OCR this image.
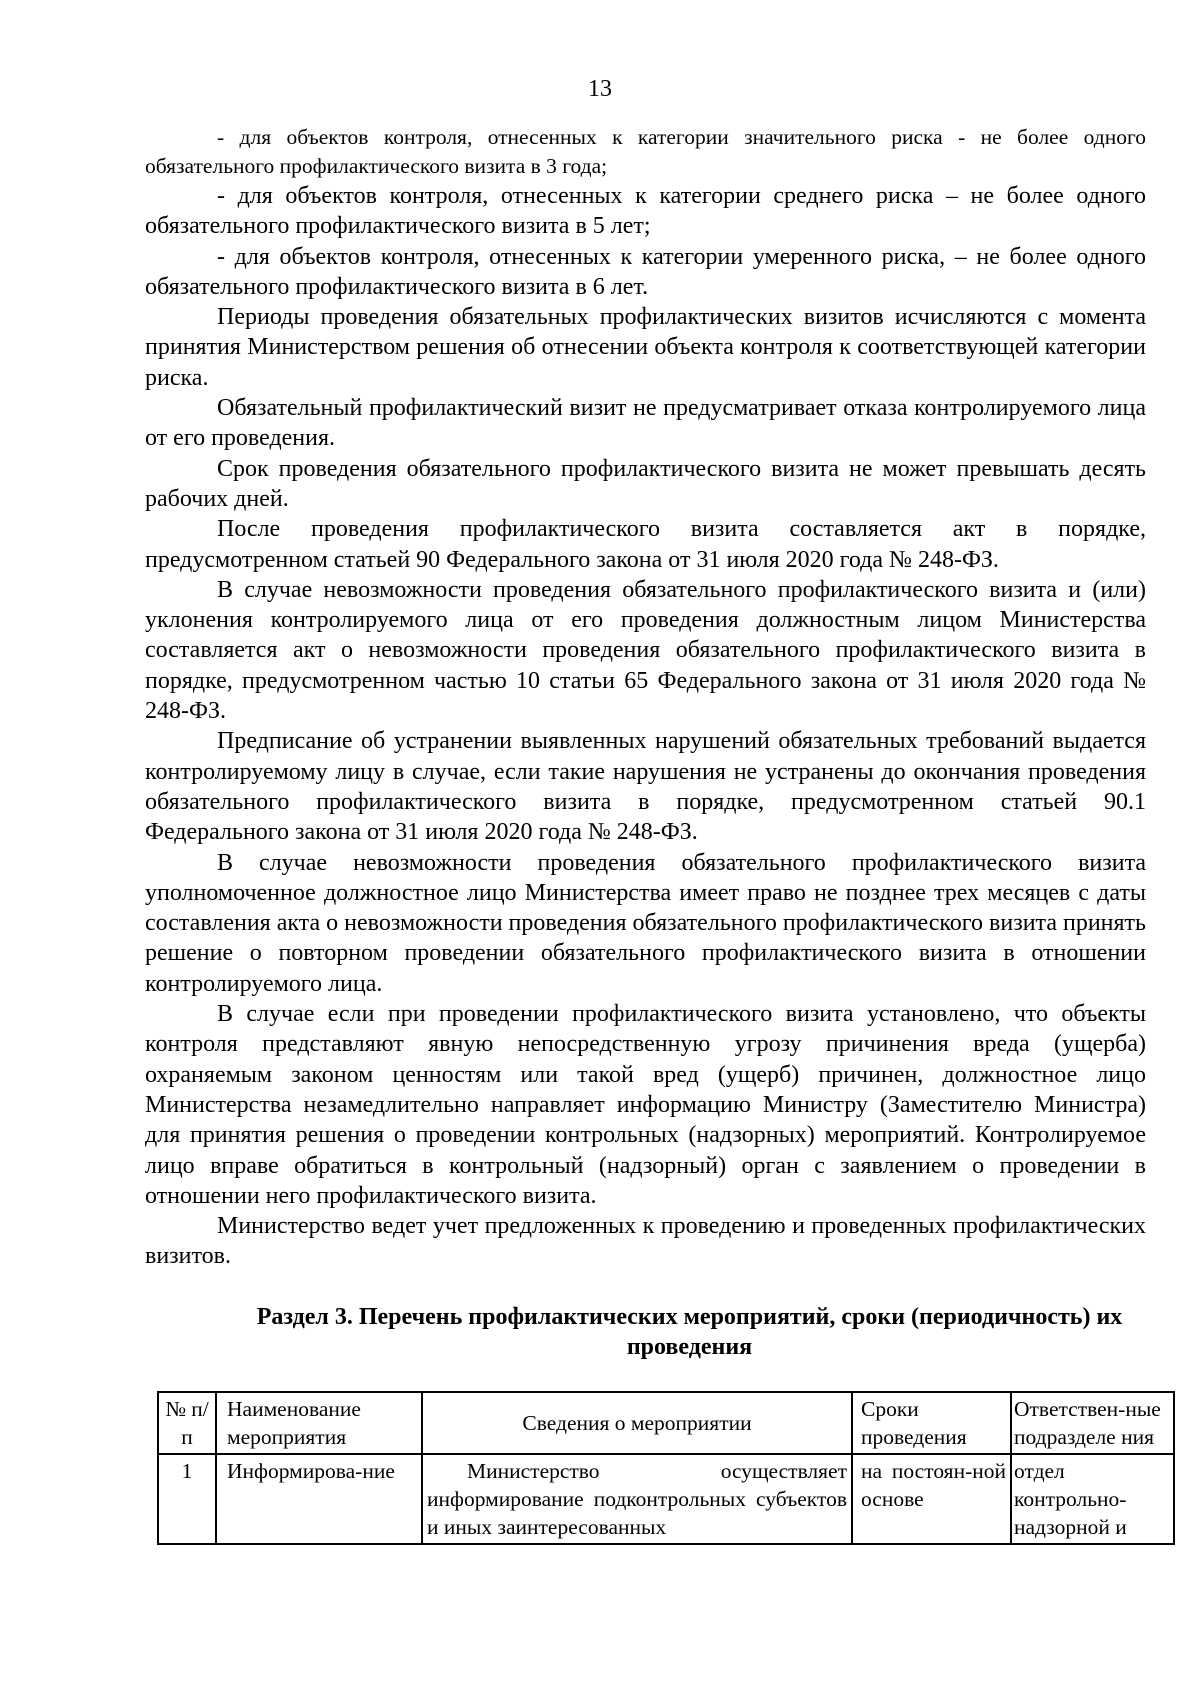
13

- для объектов контроля, отнесенных к категории значительного риска - не более одного обязательного профилактического визита в 3 года;

- для объектов контроля, отнесенных к категории среднего риска – не более одного обязательного профилактического визита в 5 лет;

- для объектов контроля, отнесенных к категории умеренного риска, – не более одного обязательного профилактического визита в 6 лет.

Периоды проведения обязательных профилактических визитов исчисляются с момента принятия Министерством решения об отнесении объекта контроля к соответствующей категории риска.

Обязательный профилактический визит не предусматривает отказа контролируемого лица от его проведения.

Срок проведения обязательного профилактического визита не может превышать десять рабочих дней.

После проведения профилактического визита составляется акт в порядке, предусмотренном статьей 90 Федерального закона от 31 июля 2020 года № 248-ФЗ.

В случае невозможности проведения обязательного профилактического визита и (или) уклонения контролируемого лица от его проведения должностным лицом Министерства составляется акт о невозможности проведения обязательного профилактического визита в порядке, предусмотренном частью 10 статьи 65 Федерального закона от 31 июля 2020 года № 248-ФЗ.

Предписание об устранении выявленных нарушений обязательных требований выдается контролируемому лицу в случае, если такие нарушения не устранены до окончания проведения обязательного профилактического визита в порядке, предусмотренном статьей 90.1 Федерального закона от 31 июля 2020 года № 248-ФЗ.

В случае невозможности проведения обязательного профилактического визита уполномоченное должностное лицо Министерства имеет право не позднее трех месяцев с даты составления акта о невозможности проведения обязательного профилактического визита принять решение о повторном проведении обязательного профилактического визита в отношении контролируемого лица.

В случае если при проведении профилактического визита установлено, что объекты контроля представляют явную непосредственную угрозу причинения вреда (ущерба) охраняемым законом ценностям или такой вред (ущерб) причинен, должностное лицо Министерства незамедлительно направляет информацию Министру (Заместителю Министра) для принятия решения о проведении контрольных (надзорных) мероприятий. Контролируемое лицо вправе обратиться в контрольный (надзорный) орган с заявлением о проведении в отношении него профилактического визита.

Министерство ведет учет предложенных к проведению и проведенных профилактических визитов.

Раздел 3. Перечень профилактических мероприятий, сроки (периодичность) их проведения
№ п/п	Наименование мероприятия	Сведения о мероприятии	Сроки проведения	Ответствен-ные подразделе ния
1	Информирова-ние	Министерство осуществляет информирование подконтрольных субъектов и иных заинтересованных	на постоян-ной основе	отдел контрольно-надзорной и
